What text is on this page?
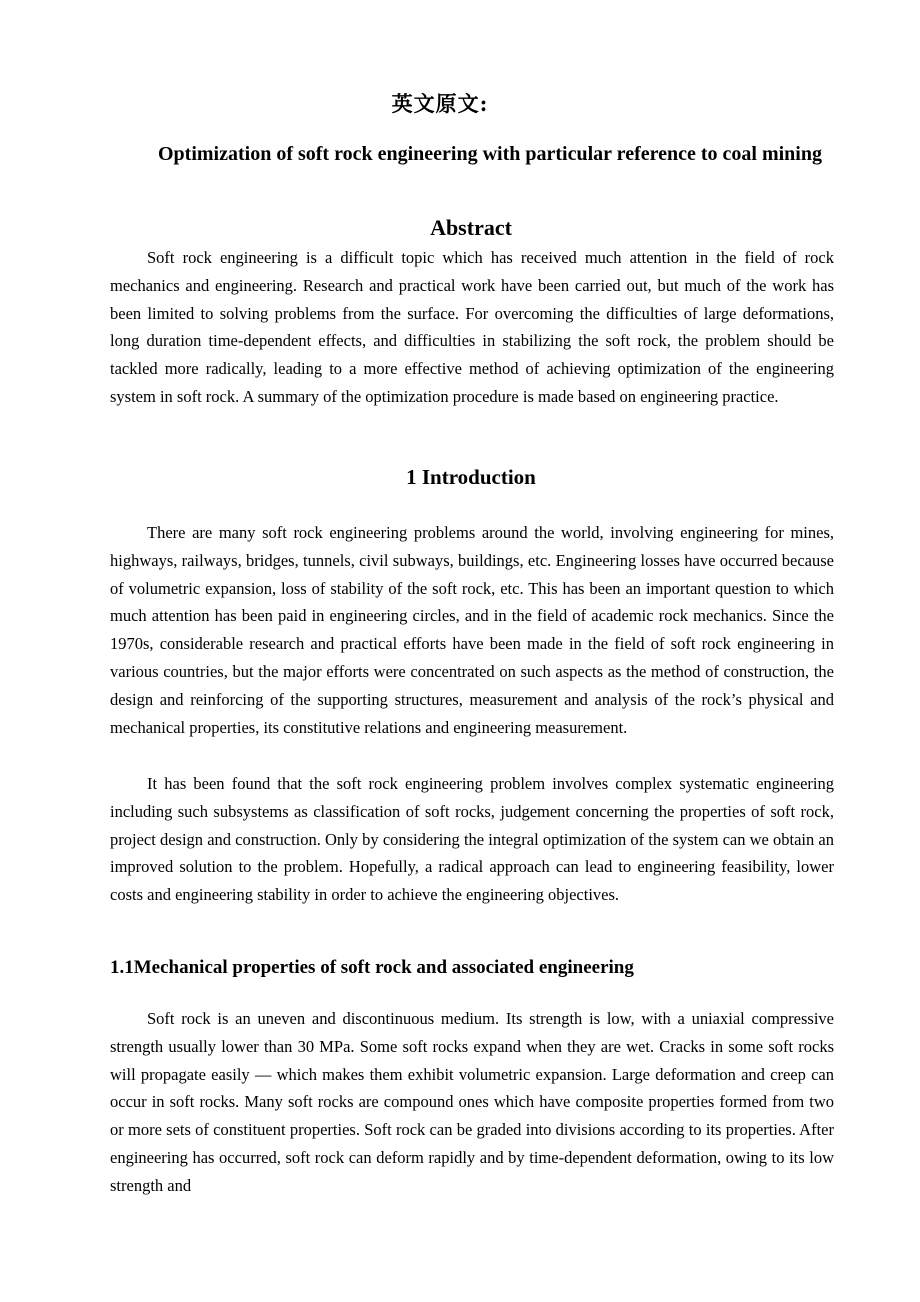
英文原文:
Optimization of soft rock engineering with particular reference to coal mining
Abstract

Soft rock engineering is a difficult topic which has received much attention in the field of rock mechanics and engineering. Research and practical work have been carried out, but much of the work has been limited to solving problems from the surface. For overcoming the difficulties of large deformations, long duration time-dependent effects, and difficulties in stabilizing the soft rock, the problem should be tackled more radically, leading to a more effective method of achieving optimization of the engineering system in soft rock. A summary of the optimization procedure is made based on engineering practice.

1 Introduction

There are many soft rock engineering problems around the world, involving engineering for mines, highways, railways, bridges, tunnels, civil subways, buildings, etc. Engineering losses have occurred because of volumetric expansion, loss of stability of the soft rock, etc. This has been an important question to which much attention has been paid in engineering circles, and in the field of academic rock mechanics. Since the 1970s, considerable research and practical efforts have been made in the field of soft rock engineering in various countries, but the major efforts were concentrated on such aspects as the method of construction, the design and reinforcing of the supporting structures, measurement and analysis of the rock’s physical and mechanical properties, its constitutive relations and engineering measurement.

It has been found that the soft rock engineering problem involves complex systematic engineering including such subsystems as classification of soft rocks, judgement concerning the properties of soft rock, project design and construction. Only by considering the integral optimization of the system can we obtain an improved solution to the problem. Hopefully, a radical approach can lead to engineering feasibility, lower costs and engineering stability in order to achieve the engineering objectives.

1.1Mechanical properties of soft rock and associated engineering

Soft rock is an uneven and discontinuous medium. Its strength is low, with a uniaxial compressive strength usually lower than 30 MPa. Some soft rocks expand when they are wet. Cracks in some soft rocks will propagate easily — which makes them exhibit volumetric expansion. Large deformation and creep can occur in soft rocks. Many soft rocks are compound ones which have composite properties formed from two or more sets of constituent properties. Soft rock can be graded into divisions according to its properties. After engineering has occurred, soft rock can deform rapidly and by time-dependent deformation, owing to its low strength and
